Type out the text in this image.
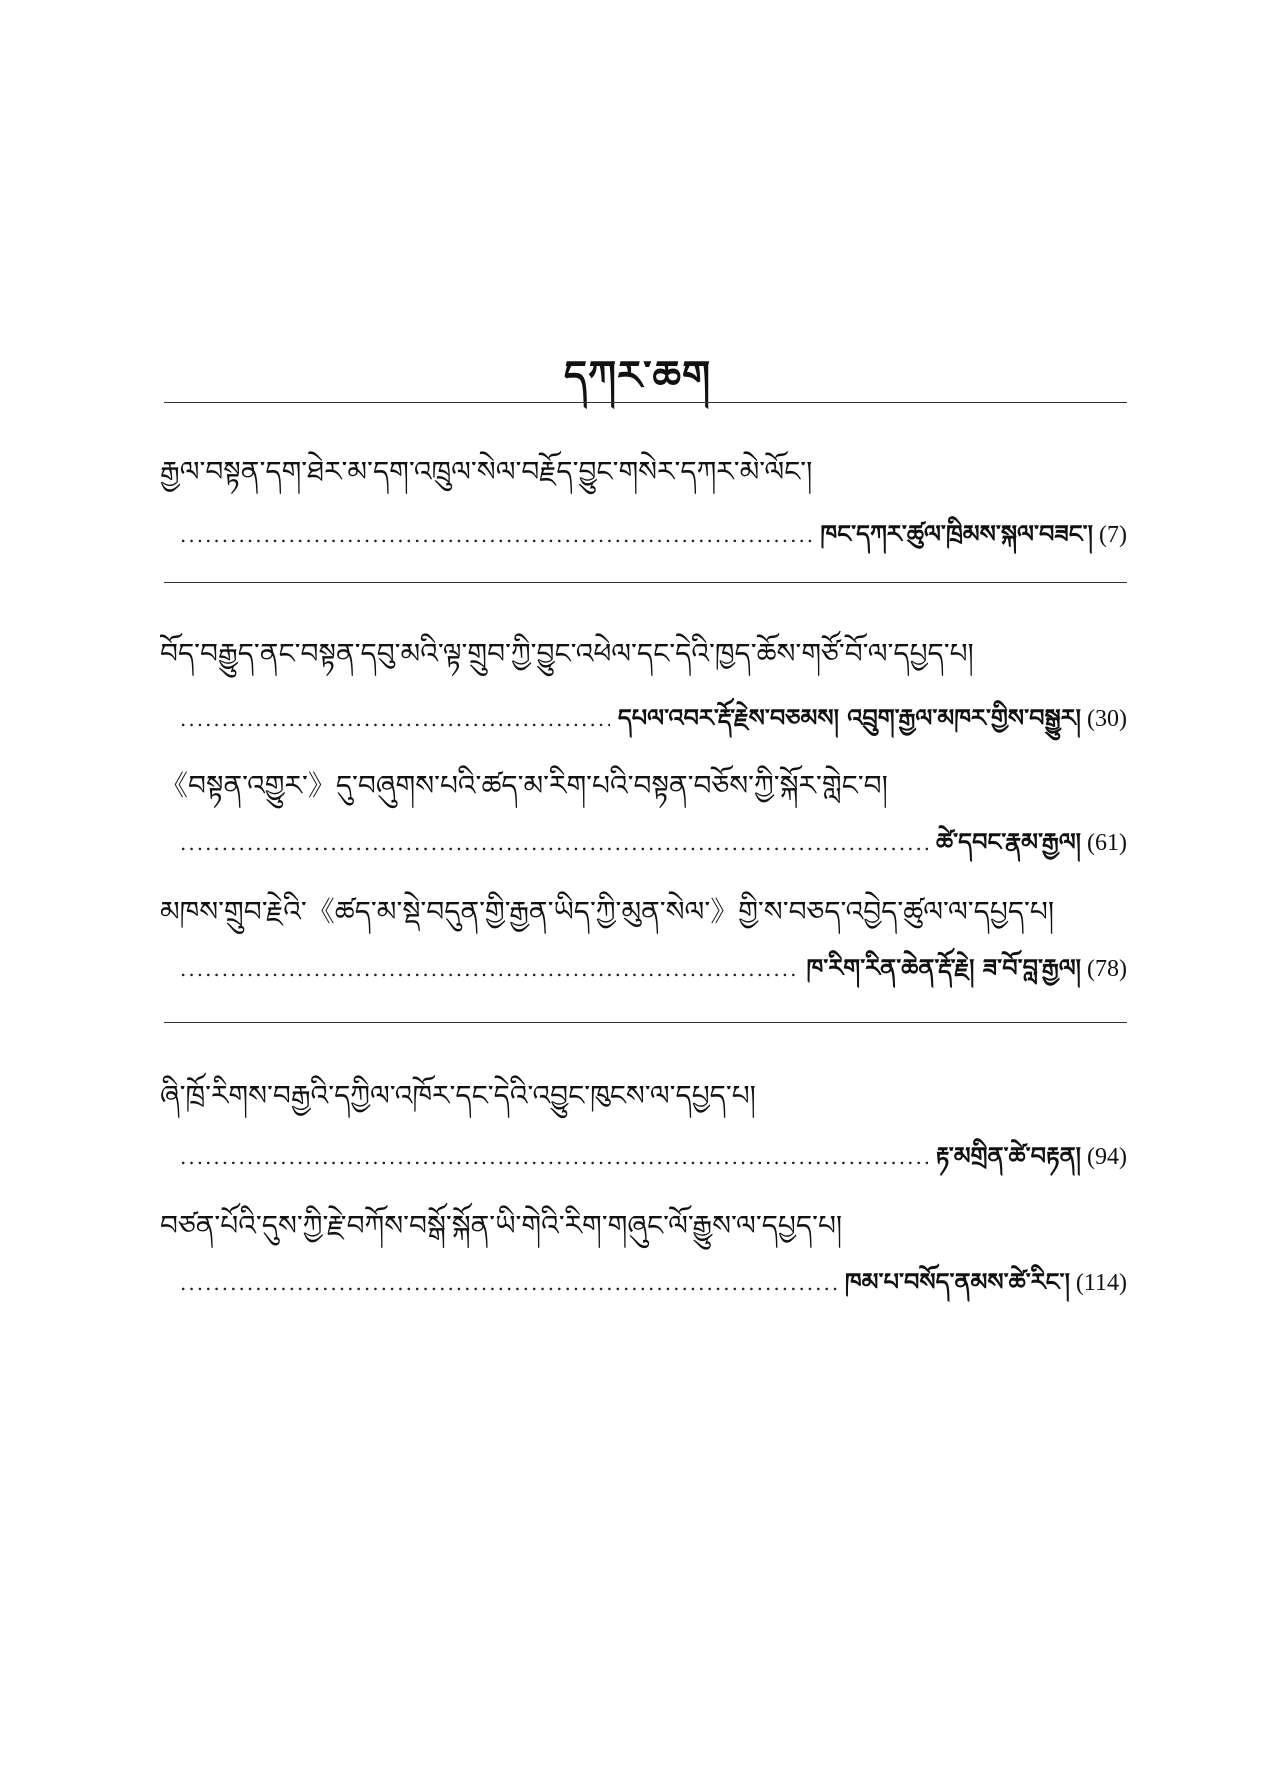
དཀར་ཆག
རྒྱལ་བསྟན་དག་ཐེར་མ་དག་འཁྲུལ་སེལ་བརྗོད་བྱུང་གསེར་དཀར་མེ་ལོང་།
.....
ཁང་དཀར་ཚུལ་ཁྲིམས་སྐལ་བཟང་། (7)
བོད་བརྒྱུད་ནང་བསྟན་དབུ་མའི་ལྟ་གྲུབ་ཀྱི་བྱུང་འཕེལ་དང་དེའི་ཁྱད་ཆོས་གཙོ་བོ་ལ་དཔྱད་པ།
.....
དཔལ་འབར་རྡོ་རྗེས་བཅམས། འབྲུག་རྒྱལ་མཁར་གྱིས་བསྒྱུར། (30)
《བསྟན་འགྱུར་》དུ་བཞུགས་པའི་ཚད་མ་རིག་པའི་བསྟན་བཅོས་ཀྱི་སྐོར་གླེང་བ།
.....
ཚེ་དབང་རྣམ་རྒྱལ། (61)
མཁས་གྲུབ་རྗེའི་《ཚད་མ་སྡེ་བདུན་གྱི་རྒྱན་ཡིད་ཀྱི་མུན་སེལ་》གྱི་ས་བཅད་འབྱེད་ཚུལ་ལ་དཔྱད་པ།
.....
ཁ་རིག་རིན་ཆེན་རྡོ་རྗེ། ཟ་བོ་བླ་རྒྱལ། (78)
ཞི་ཁྲོ་རིགས་བརྒྱའི་དཀྱིལ་འཁོར་དང་དེའི་འབྱུང་ཁུངས་ལ་དཔྱད་པ།
.....
རྟ་མགྲིན་ཚེ་བརྟན། (94)
བཙན་པོའི་དུས་ཀྱི་རྗེ་བཀོས་བསྒོ་སྐོན་ཡི་གེའི་རིག་གཞུང་ལོ་རྒྱུས་ལ་དཔྱད་པ།
.....
ཁམ་པ་བསོད་ནམས་ཚེ་རིང་། (114)
